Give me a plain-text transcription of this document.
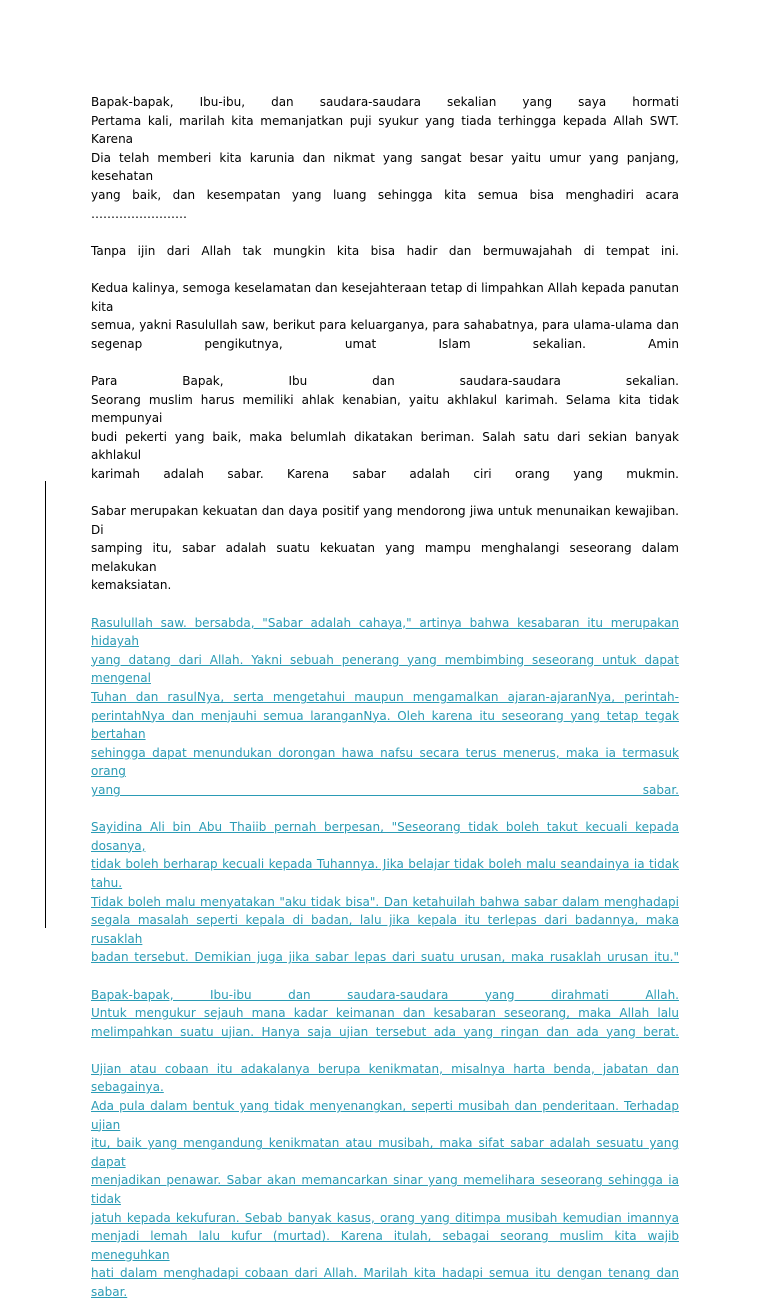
Bapak-bapak, Ibu-ibu, dan saudara-saudara sekalian yang saya hormati
Pertama kali, marilah kita memanjatkan puji syukur yang tiada terhingga kepada Allah SWT. Karena
Dia telah memberi kita karunia dan nikmat yang sangat besar yaitu umur yang panjang, kesehatan
yang baik, dan kesempatan yang luang sehingga kita semua bisa menghadiri acara
……………………

Tanpa ijin dari Allah tak mungkin kita bisa hadir dan bermuwajahah di tempat ini.

Kedua kalinya, semoga keselamatan dan kesejahteraan tetap di limpahkan Allah kepada panutan kita
semua, yakni Rasulullah saw, berikut para keluarganya, para sahabatnya, para ulama-ulama dan
segenap pengikutnya, umat Islam sekalian. Amin

Para Bapak, Ibu dan saudara-saudara sekalian.
Seorang muslim harus memiliki ahlak kenabian, yaitu akhlakul karimah. Selama kita tidak mempunyai
budi pekerti yang baik, maka belumlah dikatakan beriman. Salah satu dari sekian banyak akhlakul
karimah adalah sabar. Karena sabar adalah ciri orang yang mukmin.

Sabar merupakan kekuatan dan daya positif yang mendorong jiwa untuk menunaikan kewajiban. Di
samping itu, sabar adalah suatu kekuatan yang mampu menghalangi seseorang dalam melakukan
kemaksiatan.

Rasulullah saw. bersabda, "Sabar adalah cahaya," artinya bahwa kesabaran itu merupakan hidayah
yang datang dari Allah. Yakni sebuah penerang yang membimbing seseorang untuk dapat mengenal
Tuhan dan rasulNya, serta mengetahui maupun mengamalkan ajaran-ajaranNya, perintah-
perintahNya dan menjauhi semua laranganNya. Oleh karena itu seseorang yang tetap tegak bertahan
sehingga dapat menundukan dorongan hawa nafsu secara terus menerus, maka ia termasuk orang
yang sabar.

Sayidina Ali bin Abu Thaiib pernah berpesan, "Seseorang tidak boleh takut kecuali kepada dosanya,
tidak boleh berharap kecuali kepada Tuhannya. Jika belajar tidak boleh malu seandainya ia tidak tahu.
Tidak boleh malu menyatakan "aku tidak bisa". Dan ketahuilah bahwa sabar dalam menghadapi
segala masalah seperti kepala di badan, lalu jika kepala itu terlepas dari badannya, maka rusaklah
badan tersebut. Demikian juga jika sabar lepas dari suatu urusan, maka rusaklah urusan itu."

Bapak-bapak, Ibu-ibu dan saudara-saudara yang dirahmati Allah.
Untuk mengukur sejauh mana kadar keimanan dan kesabaran seseorang, maka Allah lalu
melimpahkan suatu ujian. Hanya saja ujian tersebut ada yang ringan dan ada yang berat.

Ujian atau cobaan itu adakalanya berupa kenikmatan, misalnya harta benda, jabatan dan sebagainya.
Ada pula dalam bentuk yang tidak menyenangkan, seperti musibah dan penderitaan. Terhadap ujian
itu, baik yang mengandung kenikmatan atau musibah, maka sifat sabar adalah sesuatu yang dapat
menjadikan penawar. Sabar akan memancarkan sinar yang memelihara seseorang sehingga ia tidak
jatuh kepada kekufuran. Sebab banyak kasus, orang yang ditimpa musibah kemudian imannya
menjadi lemah lalu kufur (murtad). Karena itulah, sebagai seorang muslim kita wajib meneguhkan
hati dalam menghadapi cobaan dari Allah. Marilah kita hadapi semua itu dengan tenang dan sabar.
